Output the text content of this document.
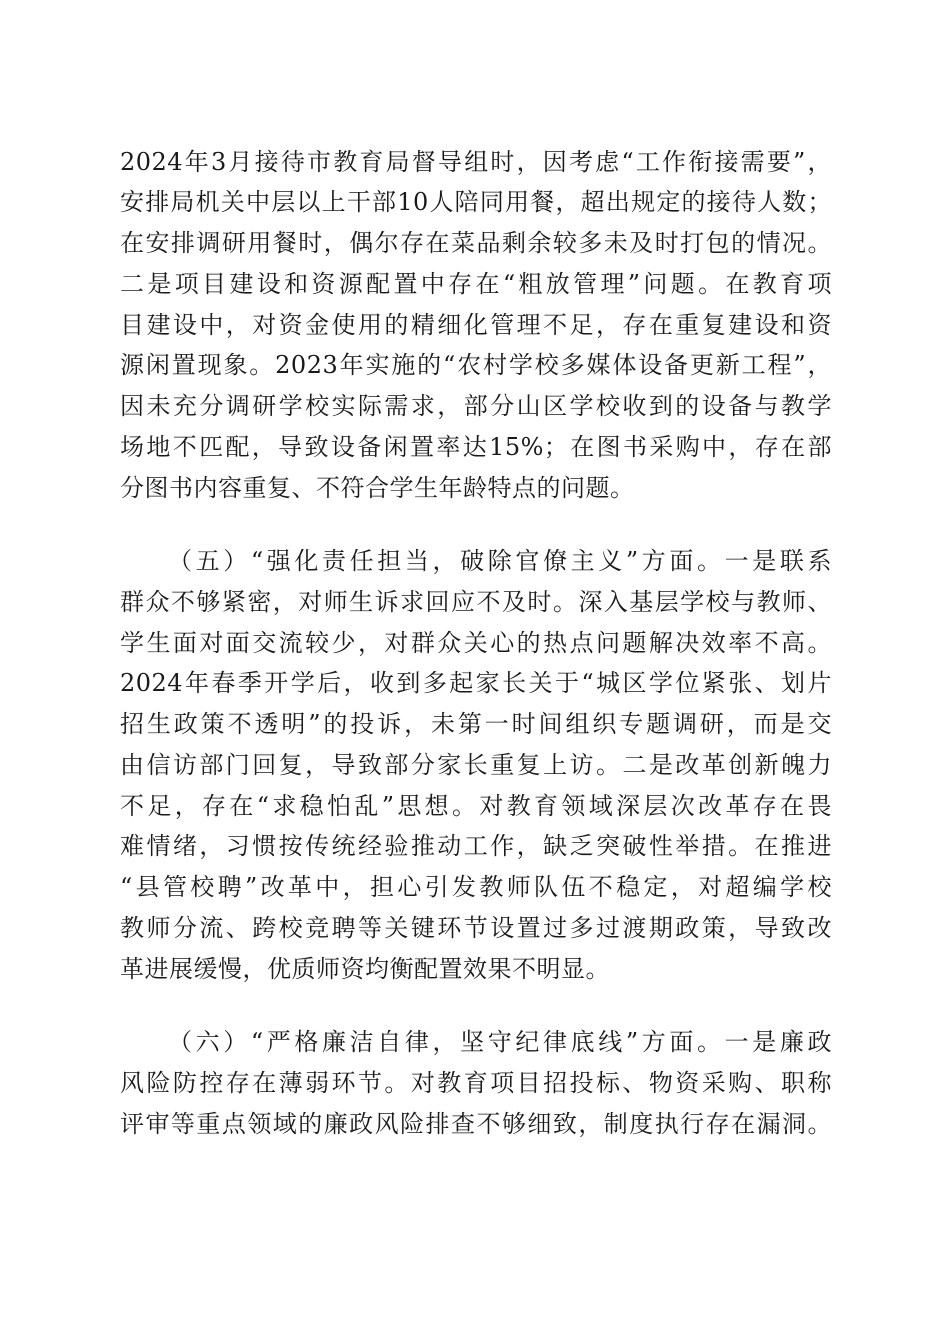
2024年3月接待市教育局督导组时，因考虑“工作衔接需要”，
安排局机关中层以上干部10人陪同用餐，超出规定的接待人数；
在安排调研用餐时，偶尔存在菜品剩余较多未及时打包的情况。
二是项目建设和资源配置中存在“粗放管理”问题。在教育项
目建设中，对资金使用的精细化管理不足，存在重复建设和资
源闲置现象。2023年实施的“农村学校多媒体设备更新工程”，
因未充分调研学校实际需求，部分山区学校收到的设备与教学
场地不匹配，导致设备闲置率达15%；在图书采购中，存在部
分图书内容重复、不符合学生年龄特点的问题。
（五）“强化责任担当，破除官僚主义”方面。一是联系
群众不够紧密，对师生诉求回应不及时。深入基层学校与教师、
学生面对面交流较少，对群众关心的热点问题解决效率不高。
2024年春季开学后，收到多起家长关于“城区学位紧张、划片
招生政策不透明”的投诉，未第一时间组织专题调研，而是交
由信访部门回复，导致部分家长重复上访。二是改革创新魄力
不足，存在“求稳怕乱”思想。对教育领域深层次改革存在畏
难情绪，习惯按传统经验推动工作，缺乏突破性举措。在推进
“县管校聘”改革中，担心引发教师队伍不稳定，对超编学校
教师分流、跨校竞聘等关键环节设置过多过渡期政策，导致改
革进展缓慢，优质师资均衡配置效果不明显。
（六）“严格廉洁自律，坚守纪律底线”方面。一是廉政
风险防控存在薄弱环节。对教育项目招投标、物资采购、职称
评审等重点领域的廉政风险排查不够细致，制度执行存在漏洞。
